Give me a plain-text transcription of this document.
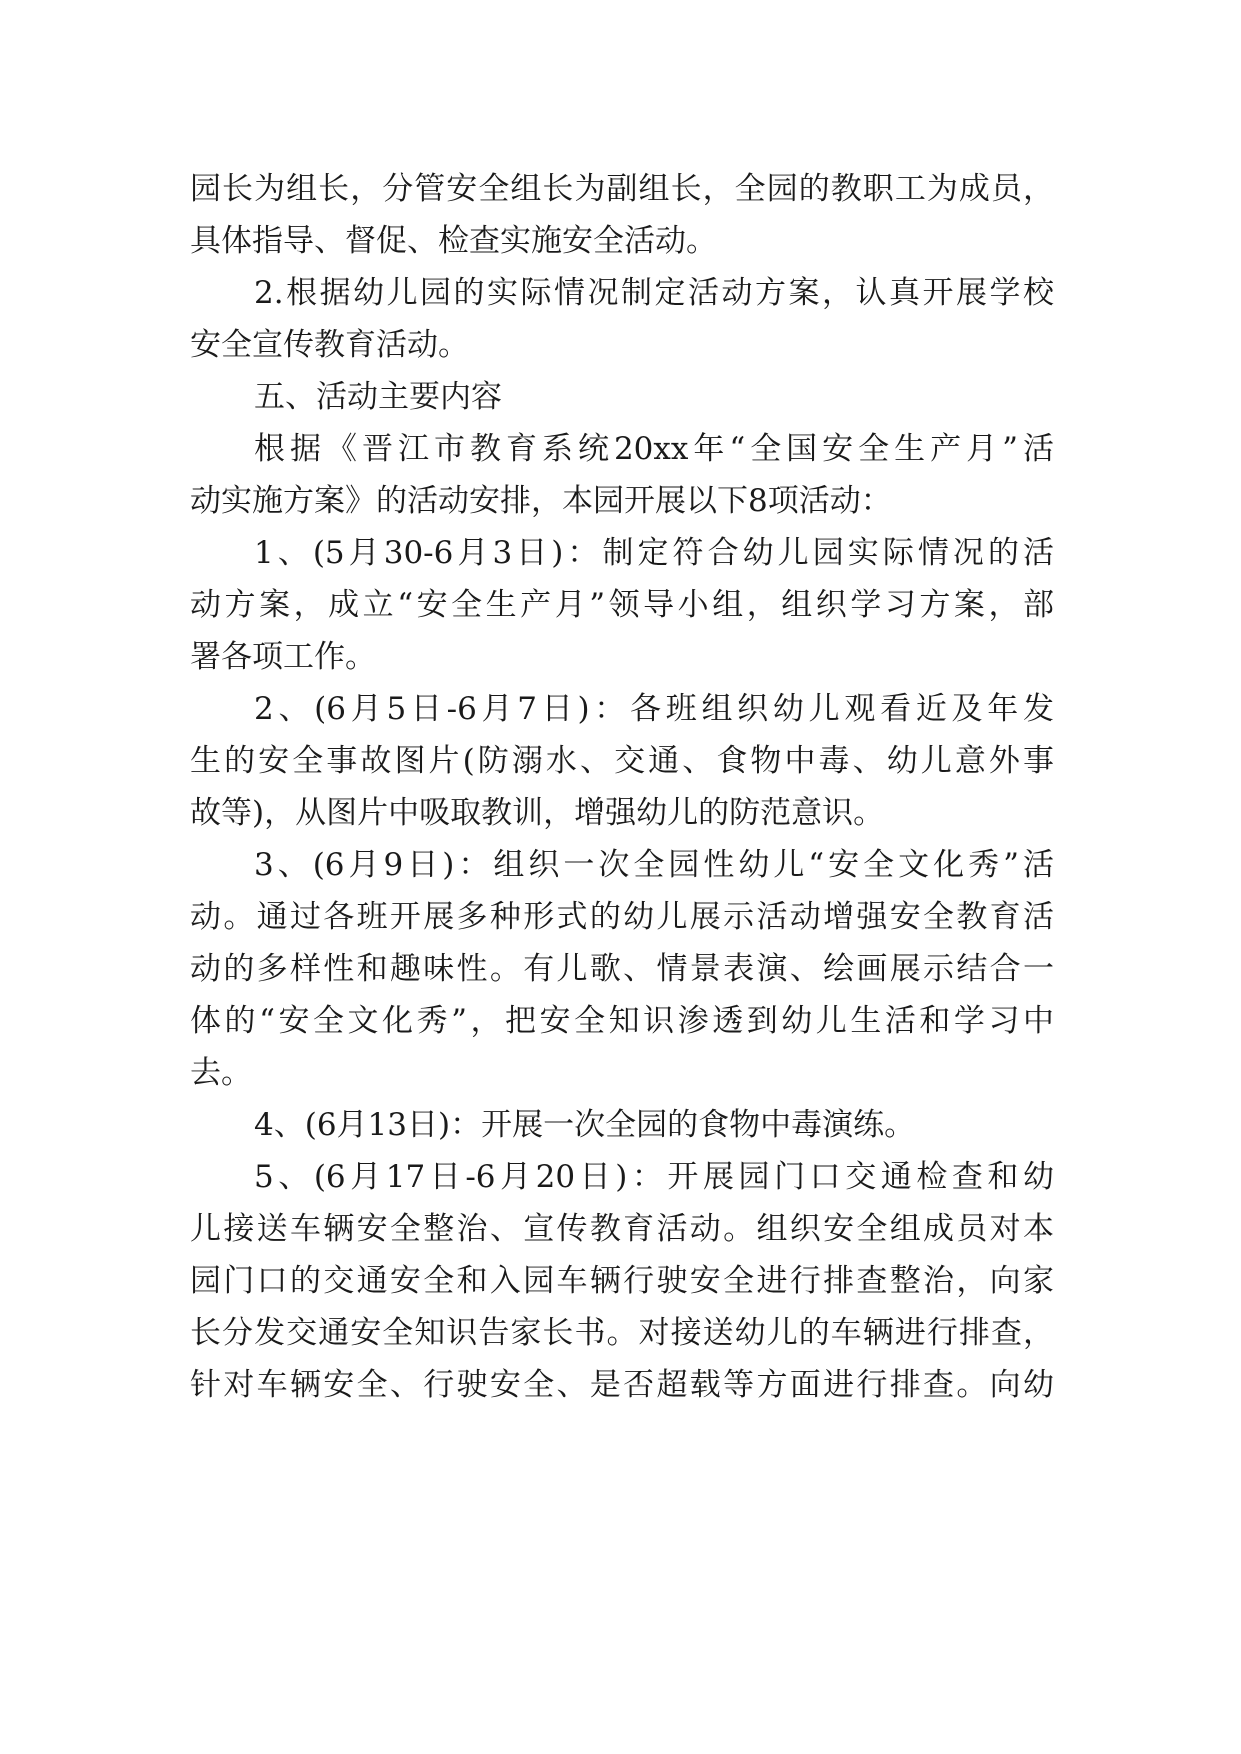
园长为组长，分管安全组长为副组长，全园的教职工为成员，
具体指导、督促、检查实施安全活动。
2.根据幼儿园的实际情况制定活动方案，认真开展学校
安全宣传教育活动。
五、活动主要内容
根据《晋江市教育系统20xx年“全国安全生产月”活
动实施方案》的活动安排，本园开展以下8项活动：
1、(5月30-6月3日)：制定符合幼儿园实际情况的活
动方案，成立“安全生产月”领导小组，组织学习方案，部
署各项工作。
2、(6月5日-6月7日)：各班组织幼儿观看近及年发
生的安全事故图片(防溺水、交通、食物中毒、幼儿意外事
故等)，从图片中吸取教训，增强幼儿的防范意识。
3、(6月9日)：组织一次全园性幼儿“安全文化秀”活
动。通过各班开展多种形式的幼儿展示活动增强安全教育活
动的多样性和趣味性。有儿歌、情景表演、绘画展示结合一
体的“安全文化秀”，把安全知识渗透到幼儿生活和学习中
去。
4、(6月13日)：开展一次全园的食物中毒演练。
5、(6月17日-6月20日)：开展园门口交通检查和幼
儿接送车辆安全整治、宣传教育活动。组织安全组成员对本
园门口的交通安全和入园车辆行驶安全进行排查整治，向家
长分发交通安全知识告家长书。对接送幼儿的车辆进行排查，
针对车辆安全、行驶安全、是否超载等方面进行排查。向幼
